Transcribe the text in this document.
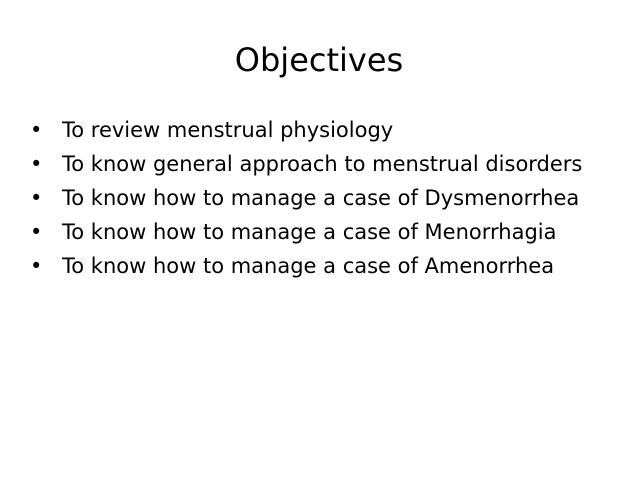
Objectives
• To review menstrual physiology
• To know general approach to menstrual disorders
• To know how to manage a case of Dysmenorrhea
• To know how to manage a case of Menorrhagia
• To know how to manage a case of Amenorrhea
